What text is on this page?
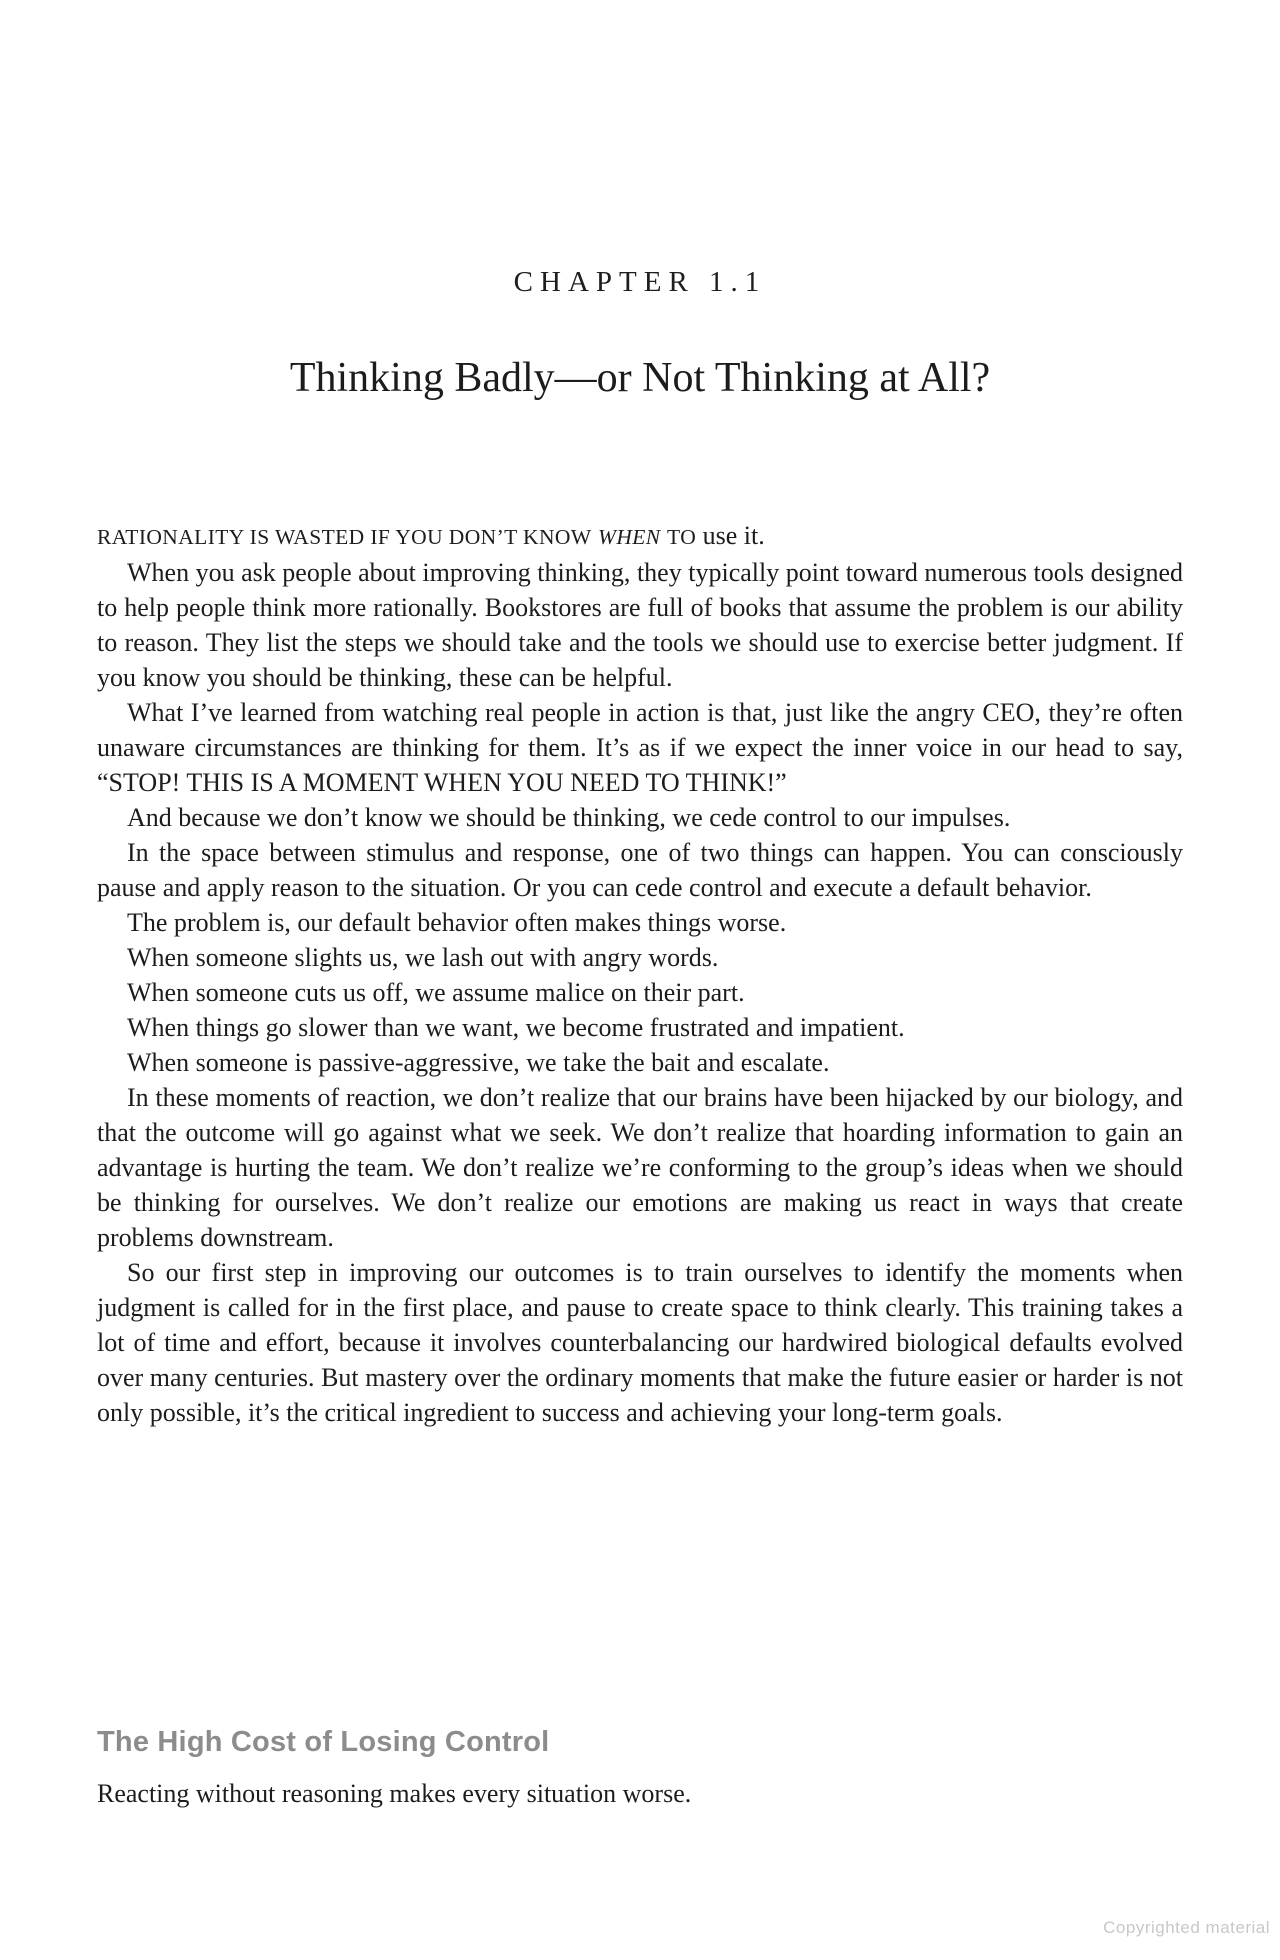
CHAPTER 1.1
Thinking Badly—or Not Thinking at All?

RATIONALITY IS WASTED IF YOU DON’T KNOW WHEN TO use it.

When you ask people about improving thinking, they typically point toward numerous tools designed to help people think more rationally. Bookstores are full of books that assume the problem is our ability to reason. They list the steps we should take and the tools we should use to exercise better judgment. If you know you should be thinking, these can be helpful.

What I’ve learned from watching real people in action is that, just like the angry CEO, they’re often unaware circumstances are thinking for them. It’s as if we expect the inner voice in our head to say, “STOP! THIS IS A MOMENT WHEN YOU NEED TO THINK!”

And because we don’t know we should be thinking, we cede control to our impulses.

In the space between stimulus and response, one of two things can happen. You can consciously pause and apply reason to the situation. Or you can cede control and execute a default behavior.

The problem is, our default behavior often makes things worse.

When someone slights us, we lash out with angry words.

When someone cuts us off, we assume malice on their part.

When things go slower than we want, we become frustrated and impatient.

When someone is passive-aggressive, we take the bait and escalate.

In these moments of reaction, we don’t realize that our brains have been hijacked by our biology, and that the outcome will go against what we seek. We don’t realize that hoarding information to gain an advantage is hurting the team. We don’t realize we’re conforming to the group’s ideas when we should be thinking for ourselves. We don’t realize our emotions are making us react in ways that create problems downstream.

So our first step in improving our outcomes is to train ourselves to identify the moments when judgment is called for in the first place, and pause to create space to think clearly. This training takes a lot of time and effort, because it involves counterbalancing our hardwired biological defaults evolved over many centuries. But mastery over the ordinary moments that make the future easier or harder is not only possible, it’s the critical ingredient to success and achieving your long-term goals.

The High Cost of Losing Control

Reacting without reasoning makes every situation worse.

Copyrighted material
